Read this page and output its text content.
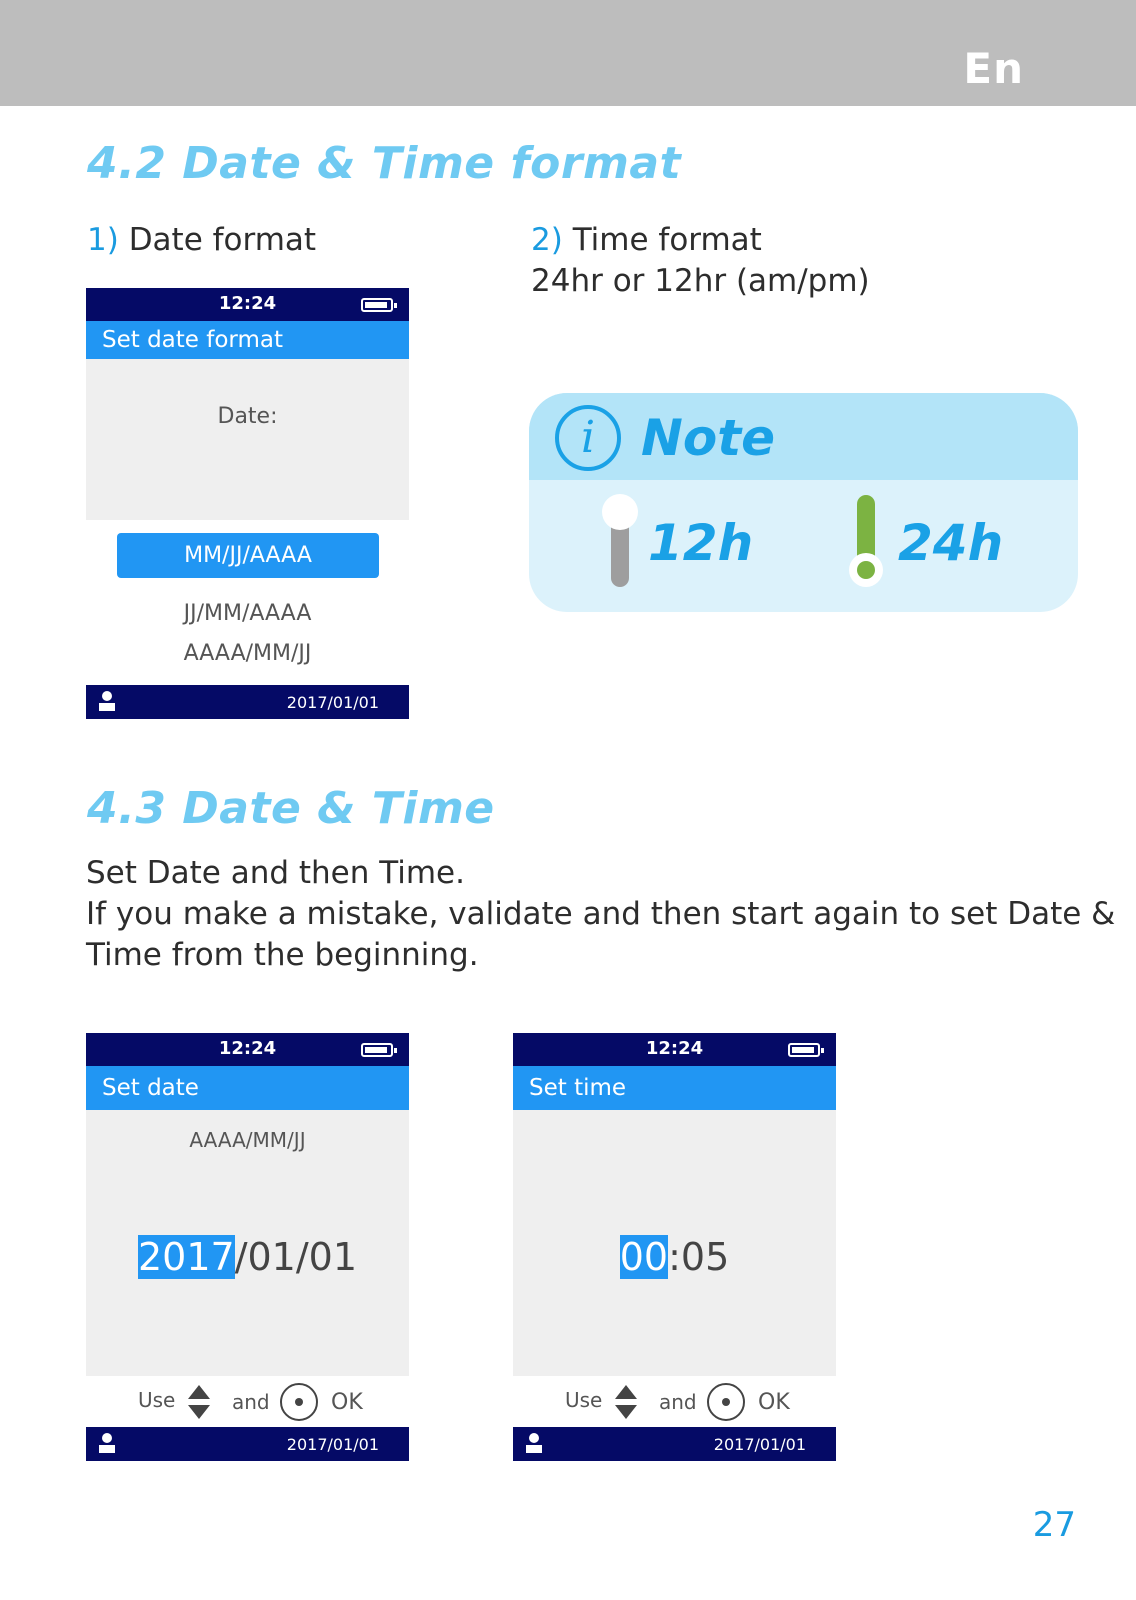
En
4.2 Date & Time format
1) Date format	2) Time format
24hr or 12hr (am/pm)
12:24
Set date format
Date:
MM/JJ/AAAA
JJ/MM/AAAA
AAAA/MM/JJ
2017/01/01
i Note
12h	24h
4.3 Date & Time
Set Date and then Time.
If you make a mistake, validate and then start again to set Date &
Time from the beginning.
12:24
Set date
AAAA/MM/JJ
2017/01/01
Use	and	OK
2017/01/01
12:24
Set time
00:05
Use	and	OK
2017/01/01
27
